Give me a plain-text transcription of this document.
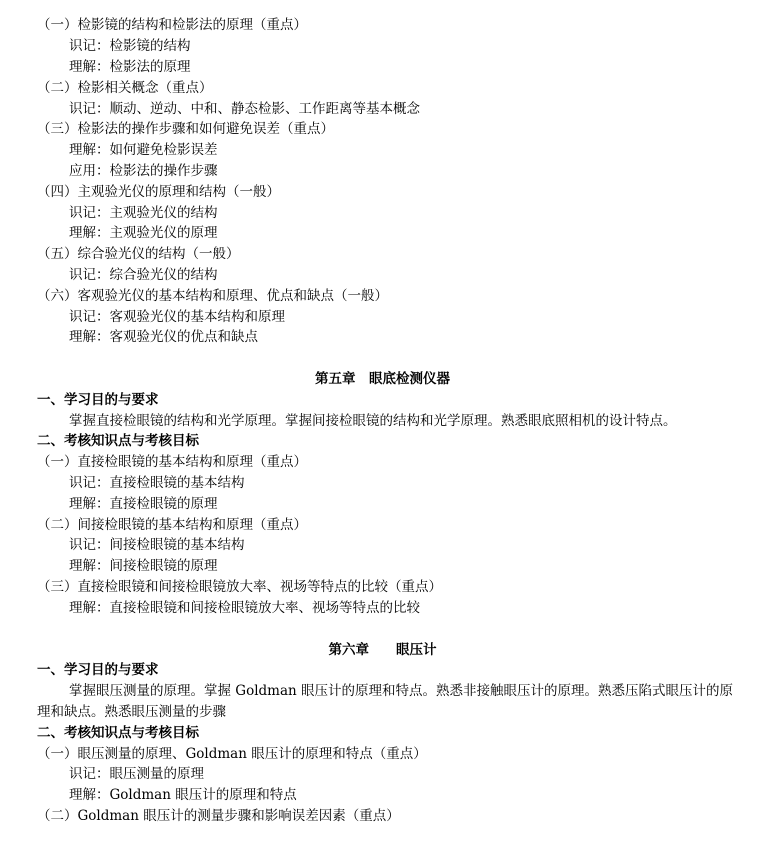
（一）检影镜的结构和检影法的原理（重点）
识记：检影镜的结构
理解：检影法的原理
（二）检影相关概念（重点）
识记：顺动、逆动、中和、静态检影、工作距离等基本概念
（三）检影法的操作步骤和如何避免误差（重点）
理解：如何避免检影误差
应用：检影法的操作步骤
（四）主观验光仪的原理和结构（一般）
识记：主观验光仪的结构
理解：主观验光仪的原理
（五）综合验光仪的结构（一般）
识记：综合验光仪的结构
（六）客观验光仪的基本结构和原理、优点和缺点（一般）
识记：客观验光仪的基本结构和原理
理解：客观验光仪的优点和缺点
第五章　眼底检测仪器
一、学习目的与要求
掌握直接检眼镜的结构和光学原理。掌握间接检眼镜的结构和光学原理。熟悉眼底照相机的设计特点。
二、考核知识点与考核目标
（一）直接检眼镜的基本结构和原理（重点）
识记：直接检眼镜的基本结构
理解：直接检眼镜的原理
（二）间接检眼镜的基本结构和原理（重点）
识记：间接检眼镜的基本结构
理解：间接检眼镜的原理
（三）直接检眼镜和间接检眼镜放大率、视场等特点的比较（重点）
理解：直接检眼镜和间接检眼镜放大率、视场等特点的比较
第六章　　眼压计
一、学习目的与要求
掌握眼压测量的原理。掌握 Goldman 眼压计的原理和特点。熟悉非接触眼压计的原理。熟悉压陷式眼压计的原
理和缺点。熟悉眼压测量的步骤
二、考核知识点与考核目标
（一）眼压测量的原理、Goldman 眼压计的原理和特点（重点）
识记：眼压测量的原理
理解：Goldman 眼压计的原理和特点
（二）Goldman 眼压计的测量步骤和影响误差因素（重点）
